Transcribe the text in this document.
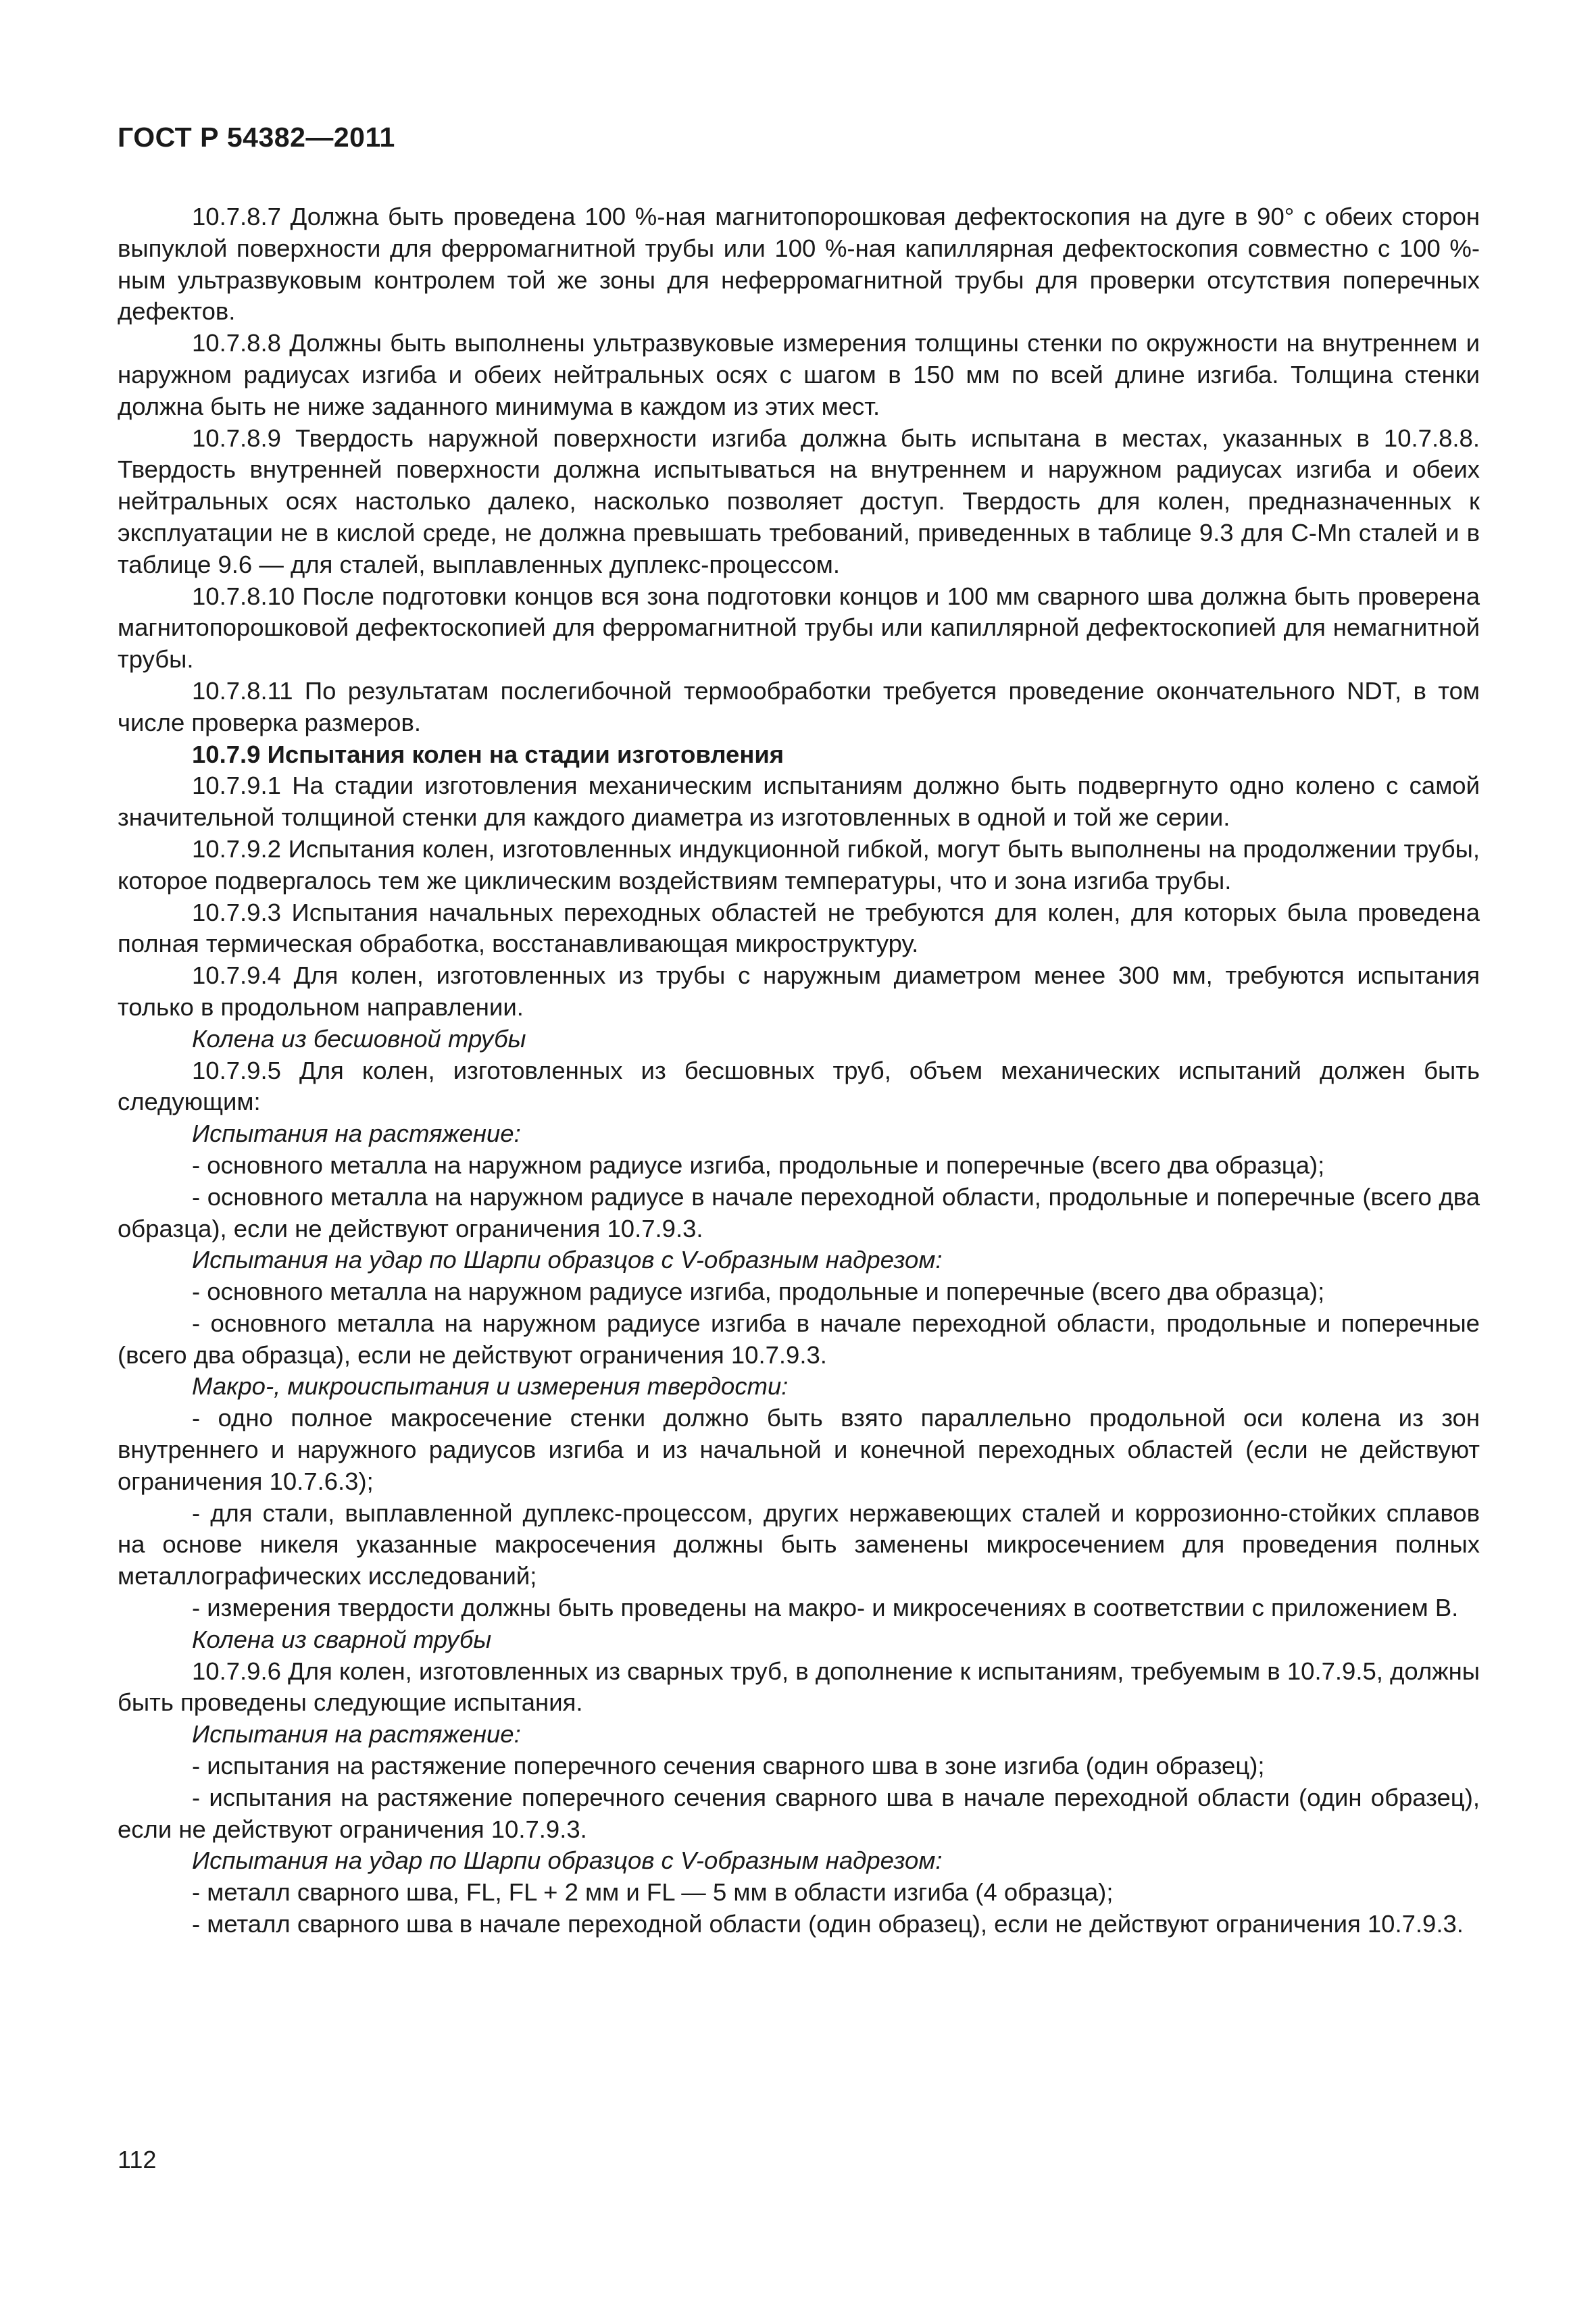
ГОСТ Р 54382—2011

10.7.8.7 Должна быть проведена 100 %-ная магнитопорошковая дефектоскопия на дуге в 90° с обеих сторон выпуклой поверхности для ферромагнитной трубы или 100 %-ная капиллярная дефектоскопия совместно с 100 %-ным ультразвуковым контролем той же зоны для неферромагнитной трубы для проверки отсутствия поперечных дефектов.

10.7.8.8 Должны быть выполнены ультразвуковые измерения толщины стенки по окружности на внутреннем и наружном радиусах изгиба и обеих нейтральных осях с шагом в 150 мм по всей длине изгиба. Толщина стенки должна быть не ниже заданного минимума в каждом из этих мест.

10.7.8.9 Твердость наружной поверхности изгиба должна быть испытана в местах, указанных в 10.7.8.8. Твердость внутренней поверхности должна испытываться на внутреннем и наружном радиусах изгиба и обеих нейтральных осях настолько далеко, насколько позволяет доступ. Твердость для колен, предназначенных к эксплуатации не в кислой среде, не должна превышать требований, приведенных в таблице 9.3 для C-Mn сталей и в таблице 9.6 — для сталей, выплавленных дуплекс-процессом.

10.7.8.10 После подготовки концов вся зона подготовки концов и 100 мм сварного шва должна быть проверена магнитопорошковой дефектоскопией для ферромагнитной трубы или капиллярной дефектоскопией для немагнитной трубы.

10.7.8.11 По результатам послегибочной термообработки требуется проведение окончательного NDT, в том числе проверка размеров.

10.7.9 Испытания колен на стадии изготовления

10.7.9.1 На стадии изготовления механическим испытаниям должно быть подвергнуто одно колено с самой значительной толщиной стенки для каждого диаметра из изготовленных в одной и той же серии.

10.7.9.2 Испытания колен, изготовленных индукционной гибкой, могут быть выполнены на продолжении трубы, которое подвергалось тем же циклическим воздействиям температуры, что и зона изгиба трубы.

10.7.9.3 Испытания начальных переходных областей не требуются для колен, для которых была проведена полная термическая обработка, восстанавливающая микроструктуру.

10.7.9.4 Для колен, изготовленных из трубы с наружным диаметром менее 300 мм, требуются испытания только в продольном направлении.

Колена из бесшовной трубы

10.7.9.5 Для колен, изготовленных из бесшовных труб, объем механических испытаний должен быть следующим:

Испытания на растяжение:

- основного металла на наружном радиусе изгиба, продольные и поперечные (всего два образца);

- основного металла на наружном радиусе в начале переходной области, продольные и поперечные (всего два образца), если не действуют ограничения 10.7.9.3.

Испытания на удар по Шарпи образцов с V-образным надрезом:

- основного металла на наружном радиусе изгиба, продольные и поперечные (всего два образца);

- основного металла на наружном радиусе изгиба в начале переходной области, продольные и поперечные (всего два образца), если не действуют ограничения 10.7.9.3.

Макро-, микроиспытания и измерения твердости:

- одно полное макросечение стенки должно быть взято параллельно продольной оси колена из зон внутреннего и наружного радиусов изгиба и из начальной и конечной переходных областей (если не действуют ограничения 10.7.6.3);

- для стали, выплавленной дуплекс-процессом, других нержавеющих сталей и коррозионно-стойких сплавов на основе никеля указанные макросечения должны быть заменены микросечением для проведения полных металлографических исследований;

- измерения твердости должны быть проведены на макро- и микросечениях в соответствии с приложением В.

Колена из сварной трубы

10.7.9.6 Для колен, изготовленных из сварных труб, в дополнение к испытаниям, требуемым в 10.7.9.5, должны быть проведены следующие испытания.

Испытания на растяжение:

- испытания на растяжение поперечного сечения сварного шва в зоне изгиба (один образец);

- испытания на растяжение поперечного сечения сварного шва в начале переходной области (один образец), если не действуют ограничения 10.7.9.3.

Испытания на удар по Шарпи образцов с V-образным надрезом:

- металл сварного шва, FL, FL + 2 мм и FL — 5 мм в области изгиба (4 образца);

- металл сварного шва в начале переходной области (один образец), если не действуют ограничения 10.7.9.3.

112
